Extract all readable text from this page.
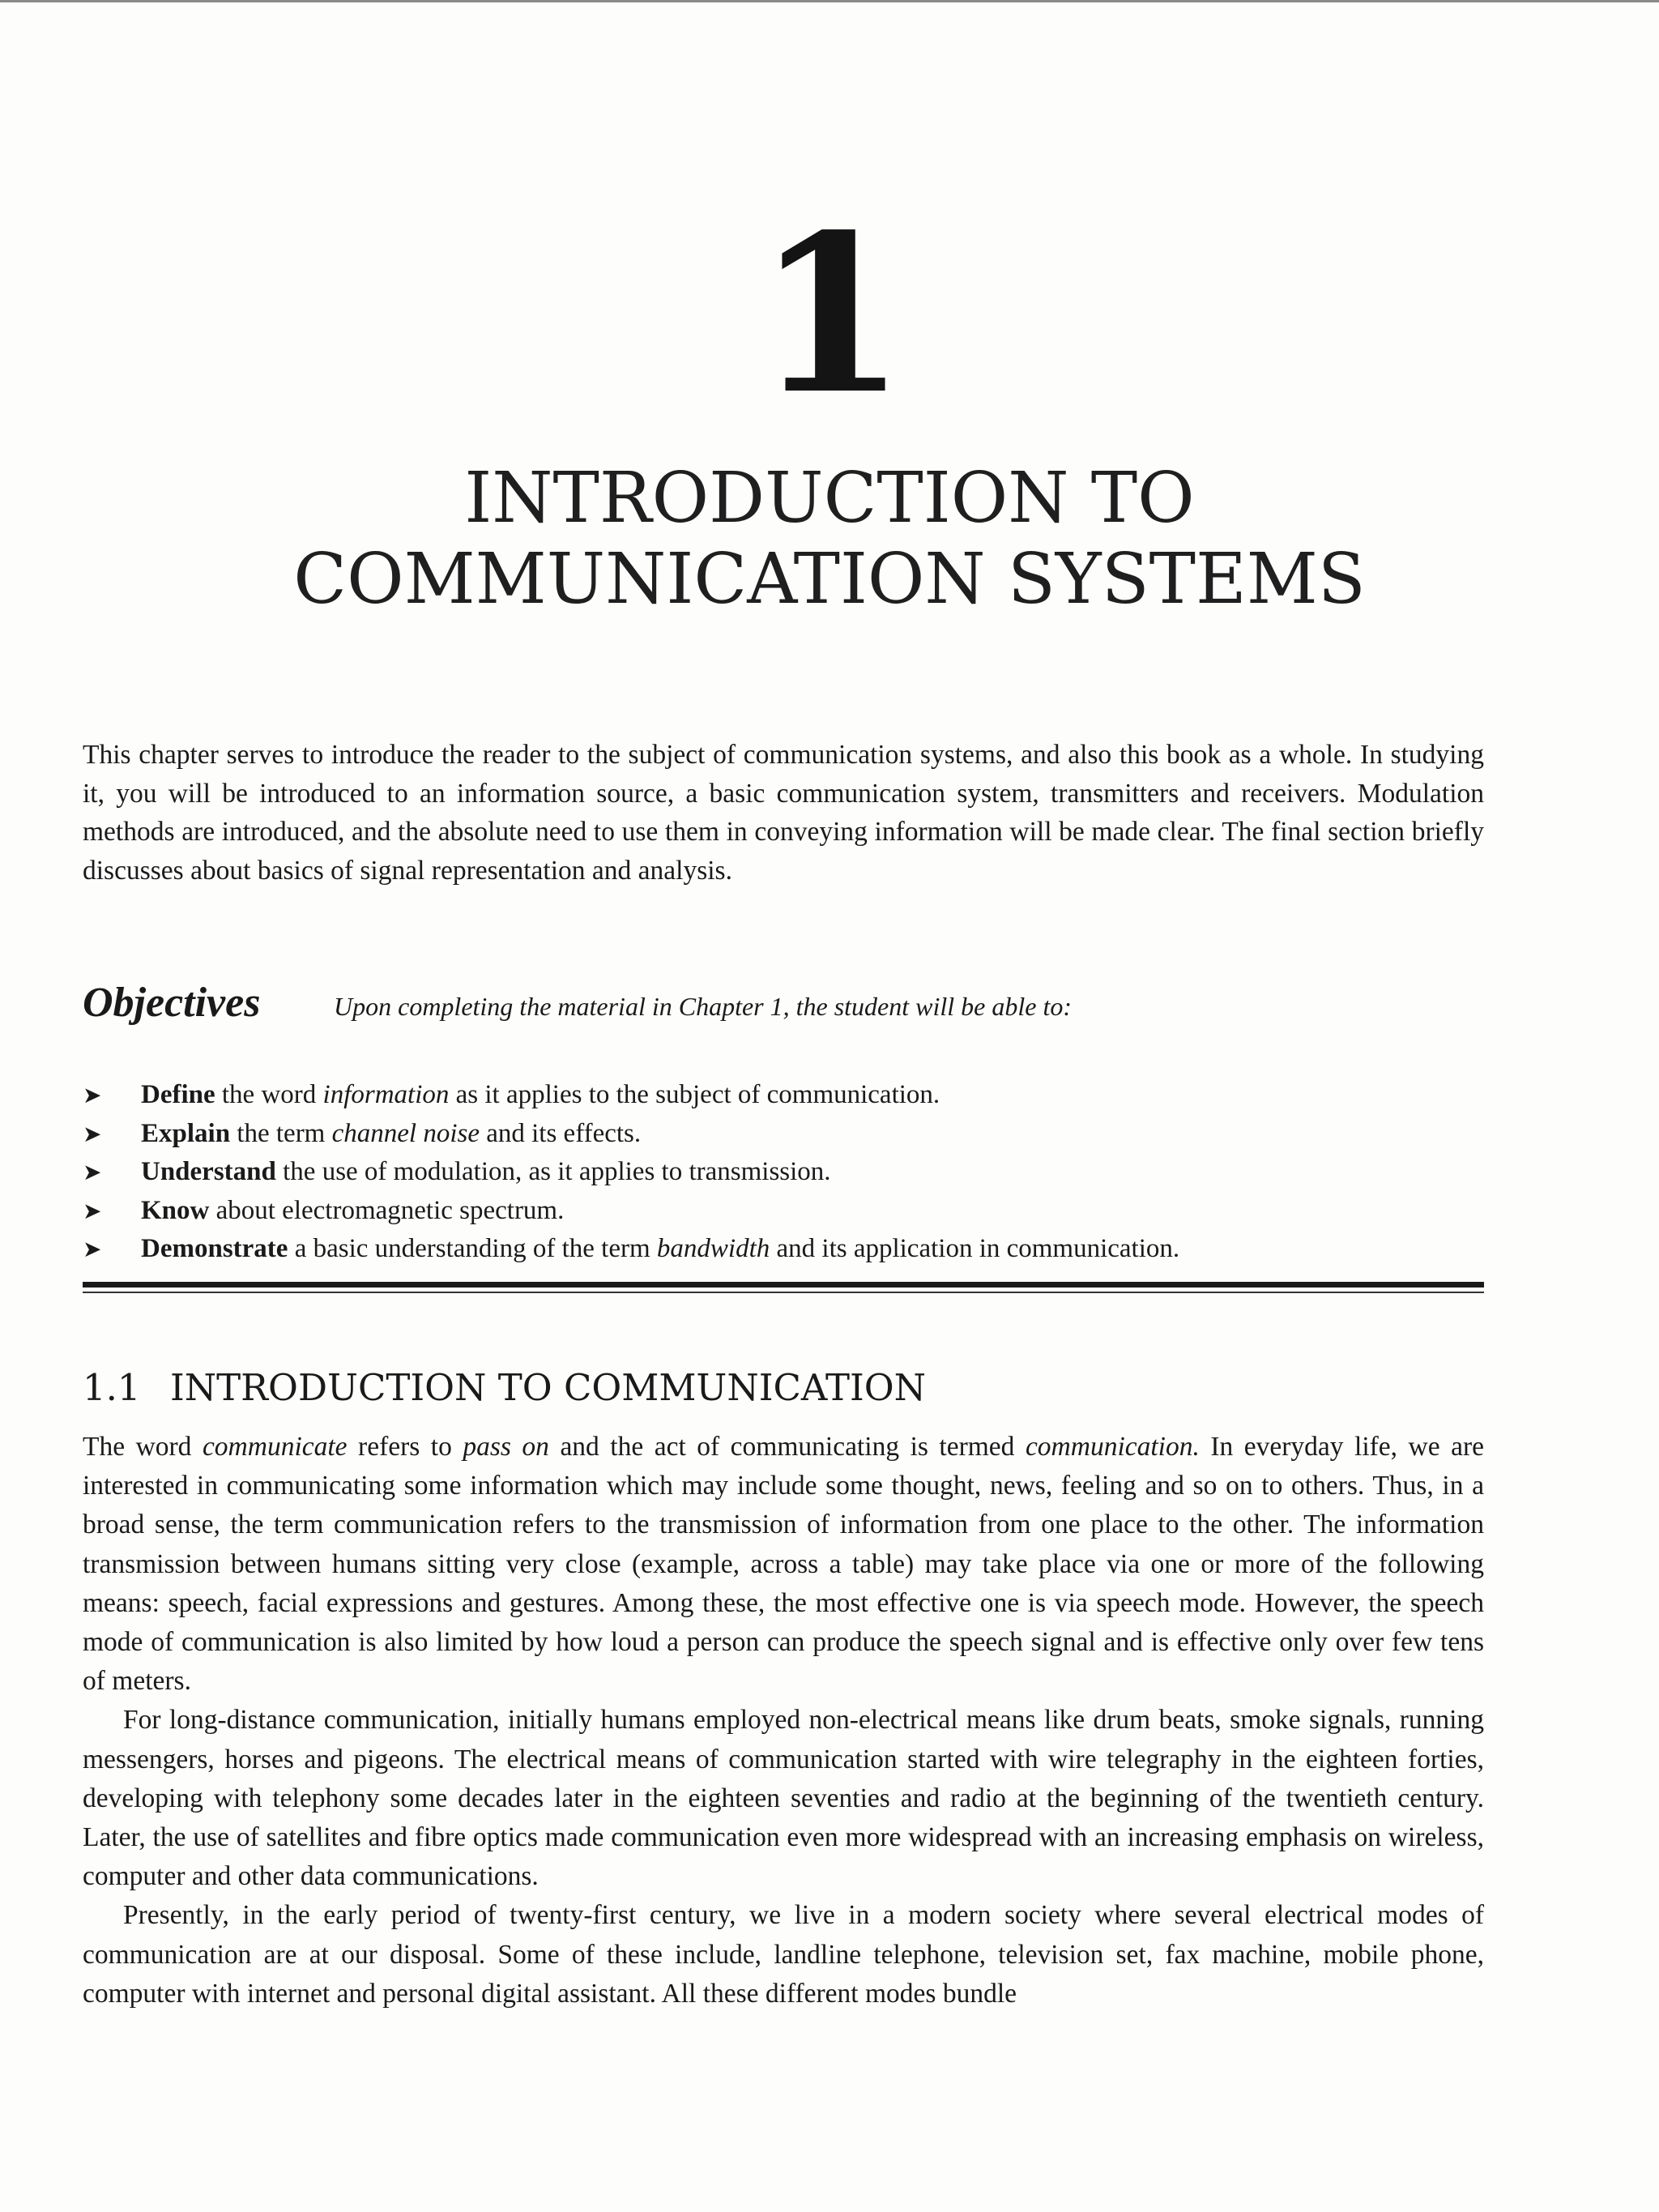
1
INTRODUCTION TO
COMMUNICATION SYSTEMS
This chapter serves to introduce the reader to the subject of communication systems, and also this book as a whole. In studying it, you will be introduced to an information source, a basic communication system, transmitters and receivers. Modulation methods are introduced, and the absolute need to use them in conveying information will be made clear. The final section briefly discusses about basics of signal representation and analysis.
Objectives	Upon completing the material in Chapter 1, the student will be able to:
➤ Define the word information as it applies to the subject of communication.
➤ Explain the term channel noise and its effects.
➤ Understand the use of modulation, as it applies to transmission.
➤ Know about electromagnetic spectrum.
➤ Demonstrate a basic understanding of the term bandwidth and its application in communication.
1.1 INTRODUCTION TO COMMUNICATION

The word communicate refers to pass on and the act of communicating is termed communication. In everyday life, we are interested in communicating some information which may include some thought, news, feeling and so on to others. Thus, in a broad sense, the term communication refers to the transmission of information from one place to the other. The information transmission between humans sitting very close (example, across a table) may take place via one or more of the following means: speech, facial expressions and gestures. Among these, the most effective one is via speech mode. However, the speech mode of communication is also limited by how loud a person can produce the speech signal and is effective only over few tens of meters.

For long-distance communication, initially humans employed non-electrical means like drum beats, smoke signals, running messengers, horses and pigeons. The electrical means of communication started with wire telegraphy in the eighteen forties, developing with telephony some decades later in the eighteen seventies and radio at the beginning of the twentieth century. Later, the use of satellites and fibre optics made communication even more widespread with an increasing emphasis on wireless, computer and other data communications.

Presently, in the early period of twenty-first century, we live in a modern society where several electrical modes of communication are at our disposal. Some of these include, landline telephone, television set, fax machine, mobile phone, computer with internet and personal digital assistant. All these different modes bundle
